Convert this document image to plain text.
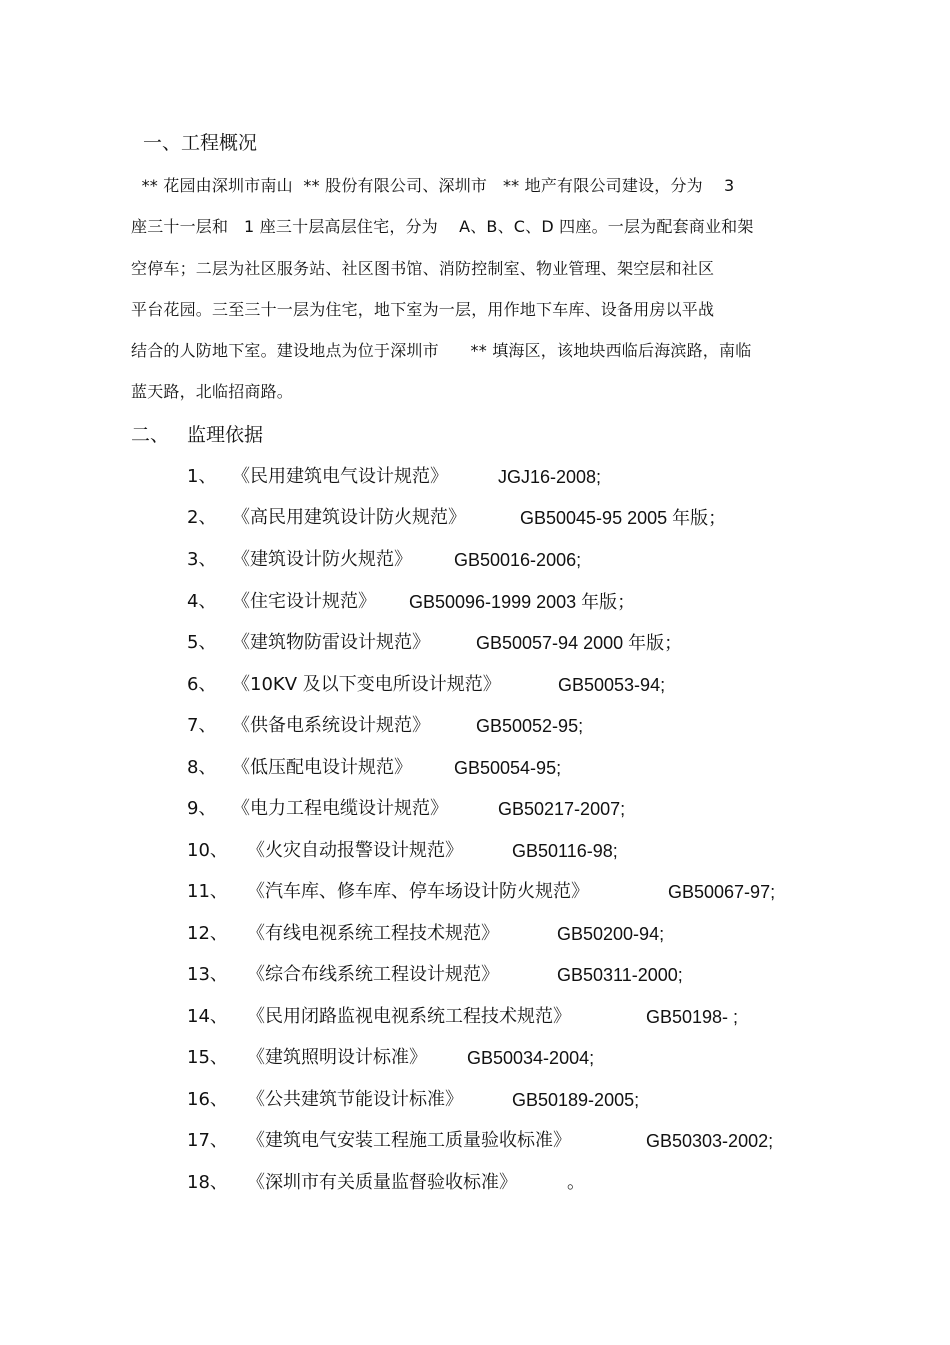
一、工程概况
** 花园由深圳市南山  ** 股份有限公司、深圳市   ** 地产有限公司建设，分为    3
座三十一层和   1 座三十层高层住宅，分为    A、B、C、D 四座。一层为配套商业和架
空停车；二层为社区服务站、社区图书馆、消防控制室、物业管理、架空层和社区
平台花园。三至三十一层为住宅，地下室为一层，用作地下车库、设备用房以平战
结合的人防地下室。建设地点为位于深圳市      ** 填海区，该地块西临后海滨路，南临
蓝天路，北临招商路。
二、 监理依据
1、 《民用建筑电气设计规范》	JGJ16-2008;
2、 《高民用建筑设计防火规范》	GB50045-95 2005 年版；
3、 《建筑设计防火规范》 GB50016-2006;
4、 《住宅设计规范》 GB50096-1999 2003 年版；
5、 《建筑物防雷设计规范》	GB50057-94 2000 年版；
6、 《10KV 及以下变电所设计规范》	GB50053-94;
7、 《供备电系统设计规范》	GB50052-95;
8、 《低压配电设计规范》 GB50054-95;
9、 《电力工程电缆设计规范》	GB50217-2007;
10、 《火灾自动报警设计规范》	GB50116-98;
11、 《汽车库、修车库、停车场设计防火规范》	GB50067-97;
12、 《有线电视系统工程技术规范》	GB50200-94;
13、 《综合布线系统工程设计规范》	GB50311-2000;
14、 《民用闭路监视电视系统工程技术规范》	GB50198- ;
15、 《建筑照明设计标准》 GB50034-2004;
16、 《公共建筑节能设计标准》	GB50189-2005;
17、 《建筑电气安装工程施工质量验收标准》	GB50303-2002;
18、 《深圳市有关质量监督验收标准》	。
